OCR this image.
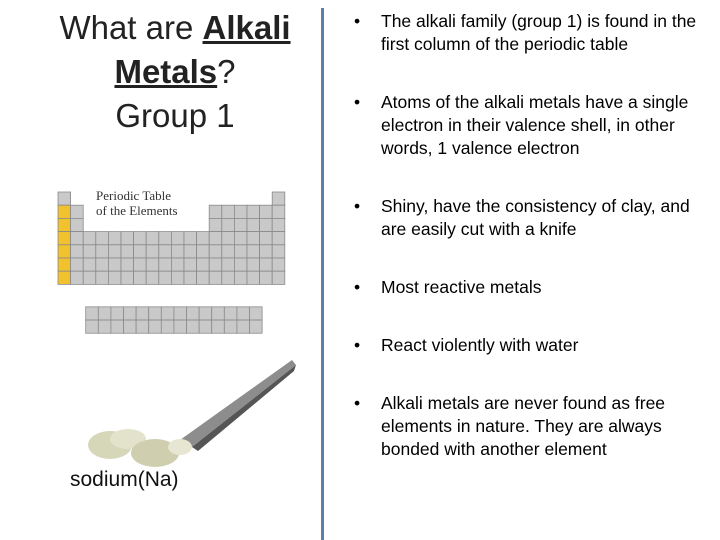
What are Alkali
Metals?
Group 1
Periodic Table
of the Elements
sodium(Na)
• The alkali family (group 1) is found in the first column of the periodic table
• Atoms of the alkali metals have a single electron in their valence shell, in other words, 1 valence electron
• Shiny, have the consistency of clay, and are easily cut with a knife
• Most reactive metals
• React violently with water
• Alkali metals are never found as free elements in nature. They are always bonded with another element
